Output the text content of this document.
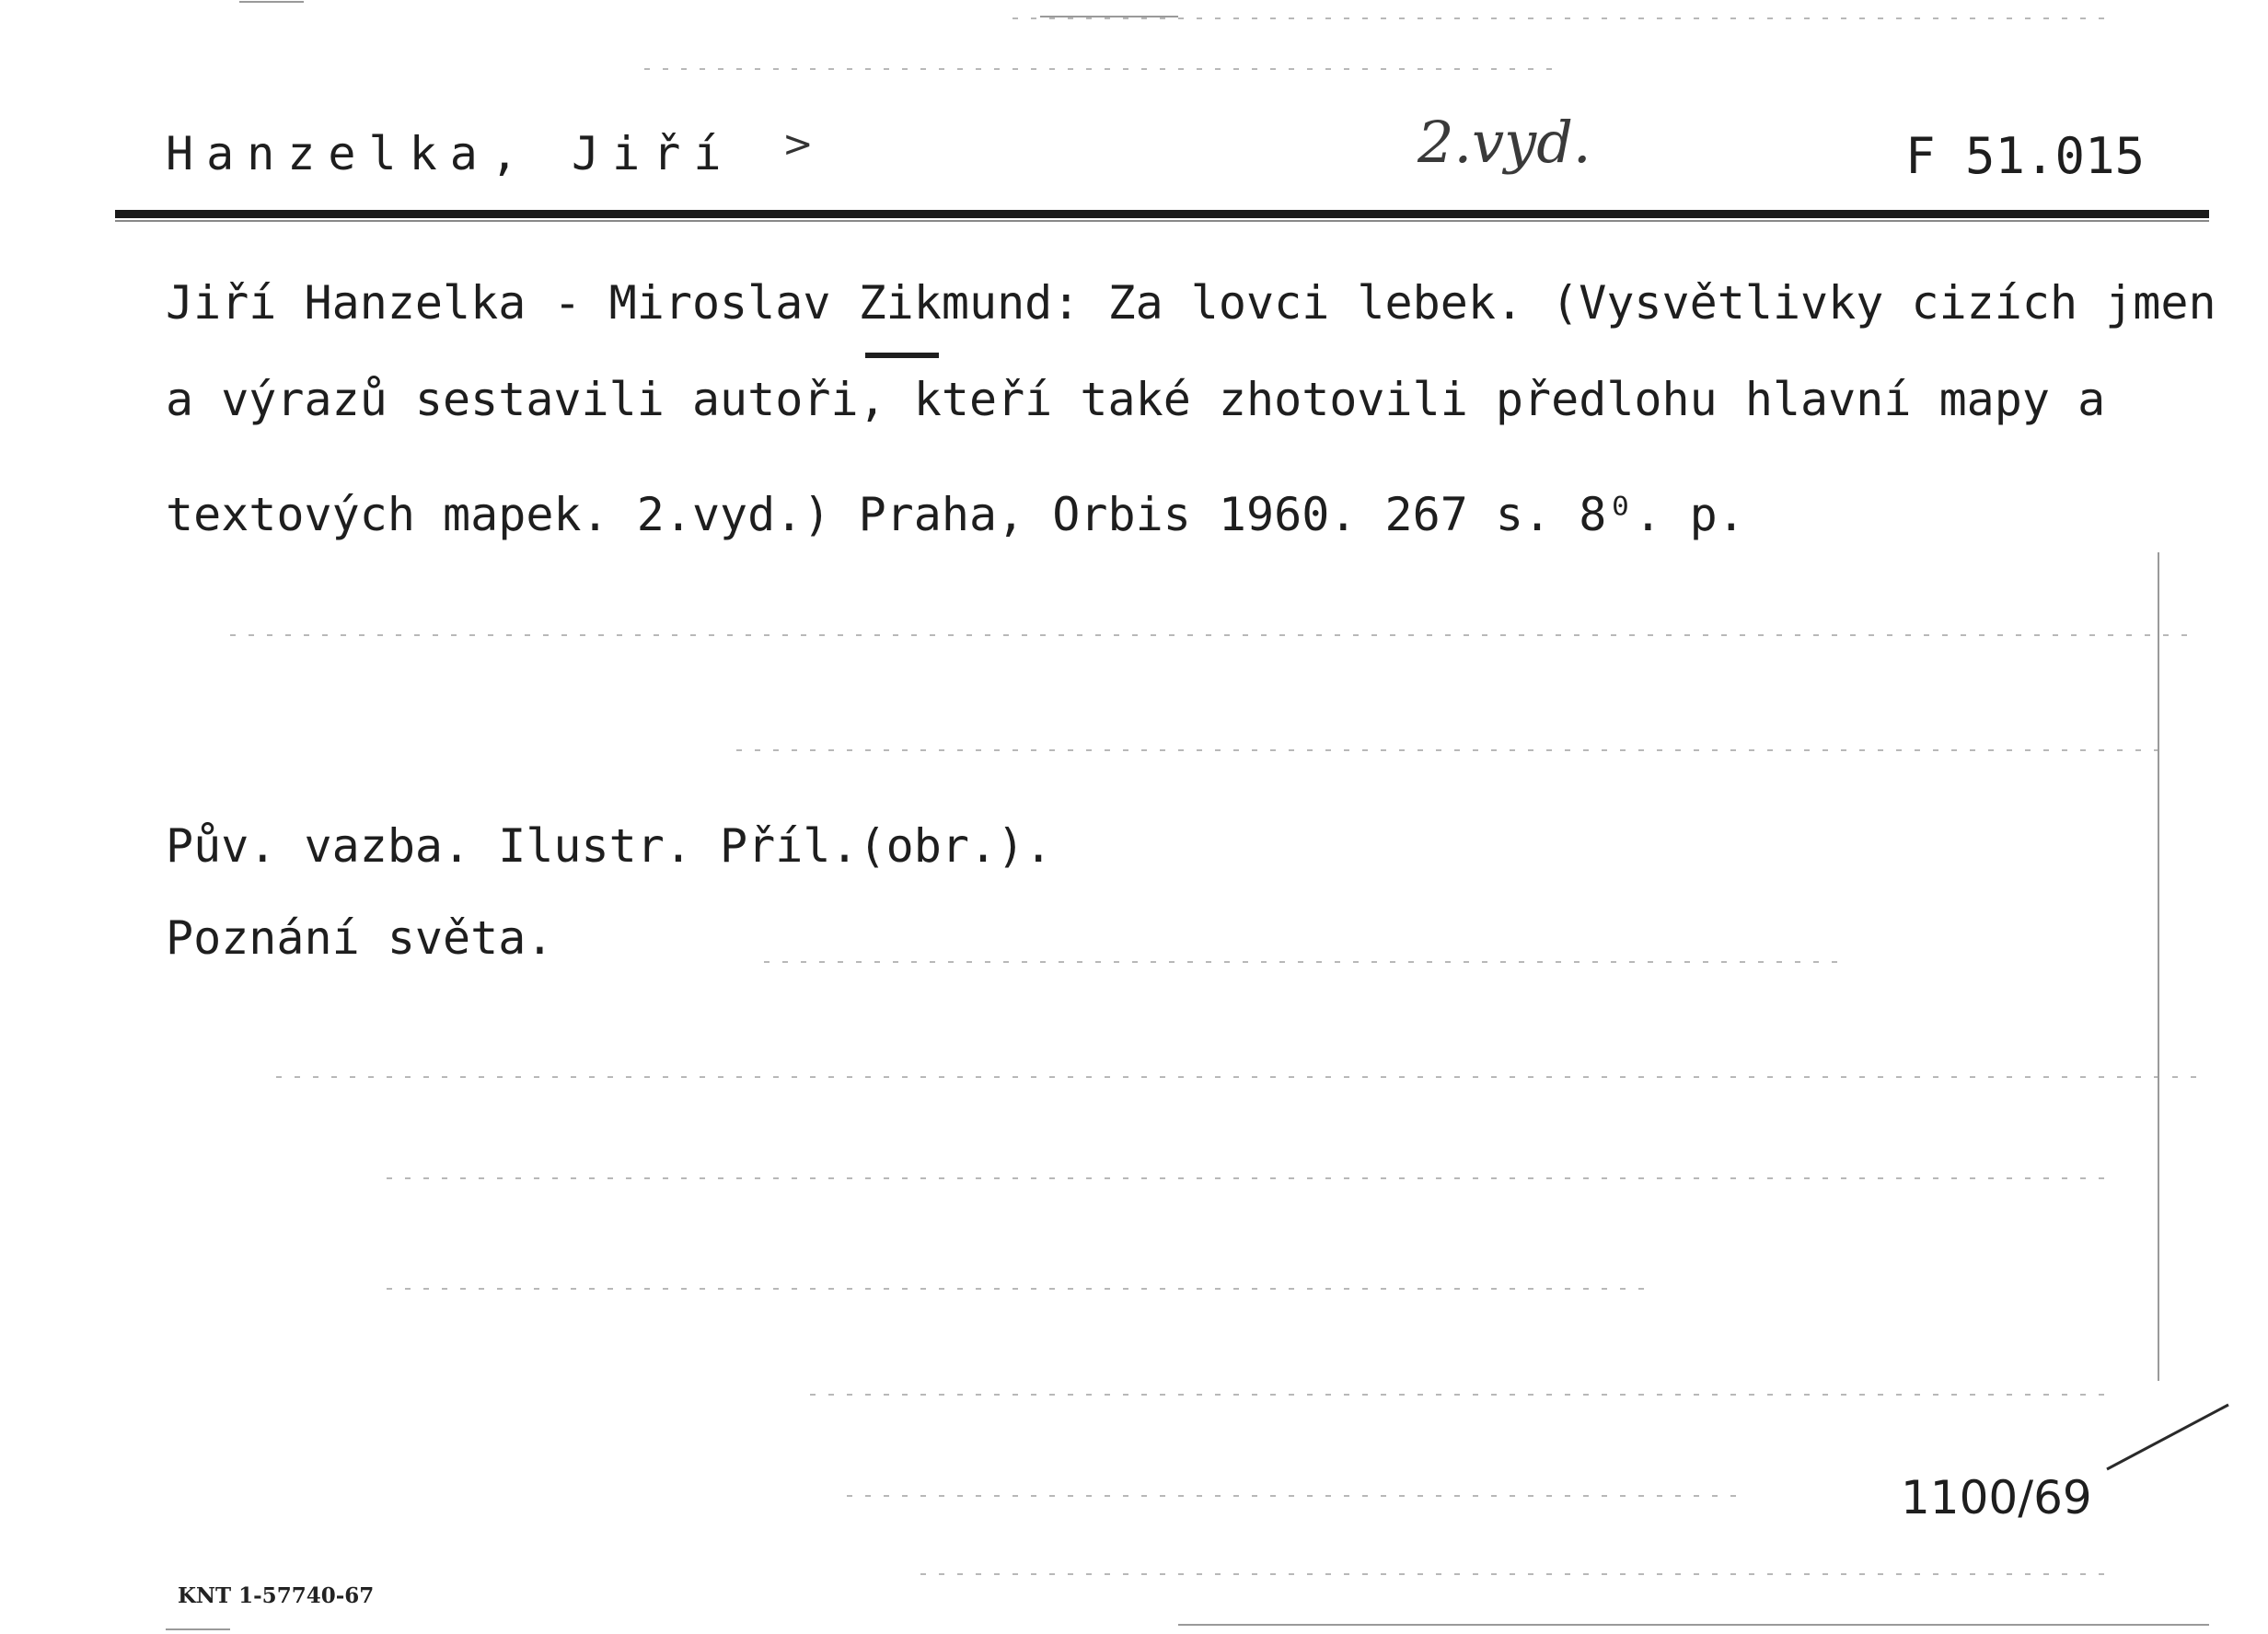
Hanzelka, Jiří >	2.vyd.	F 51.015
Jiří Hanzelka - Miroslav Zikmund: Za lovci lebek. (Vysvětlivky cizích jmen
a výrazů sestavili autoři, kteří také zhotovili předlohu hlavní mapy a
textových mapek. 2.vyd.) Praha, Orbis 1960. 267 s. 8⁰. p.
Pův. vazba. Ilustr. Příl.(obr.).
Poznání světa.
1100/69
KNT 1-57740-67
